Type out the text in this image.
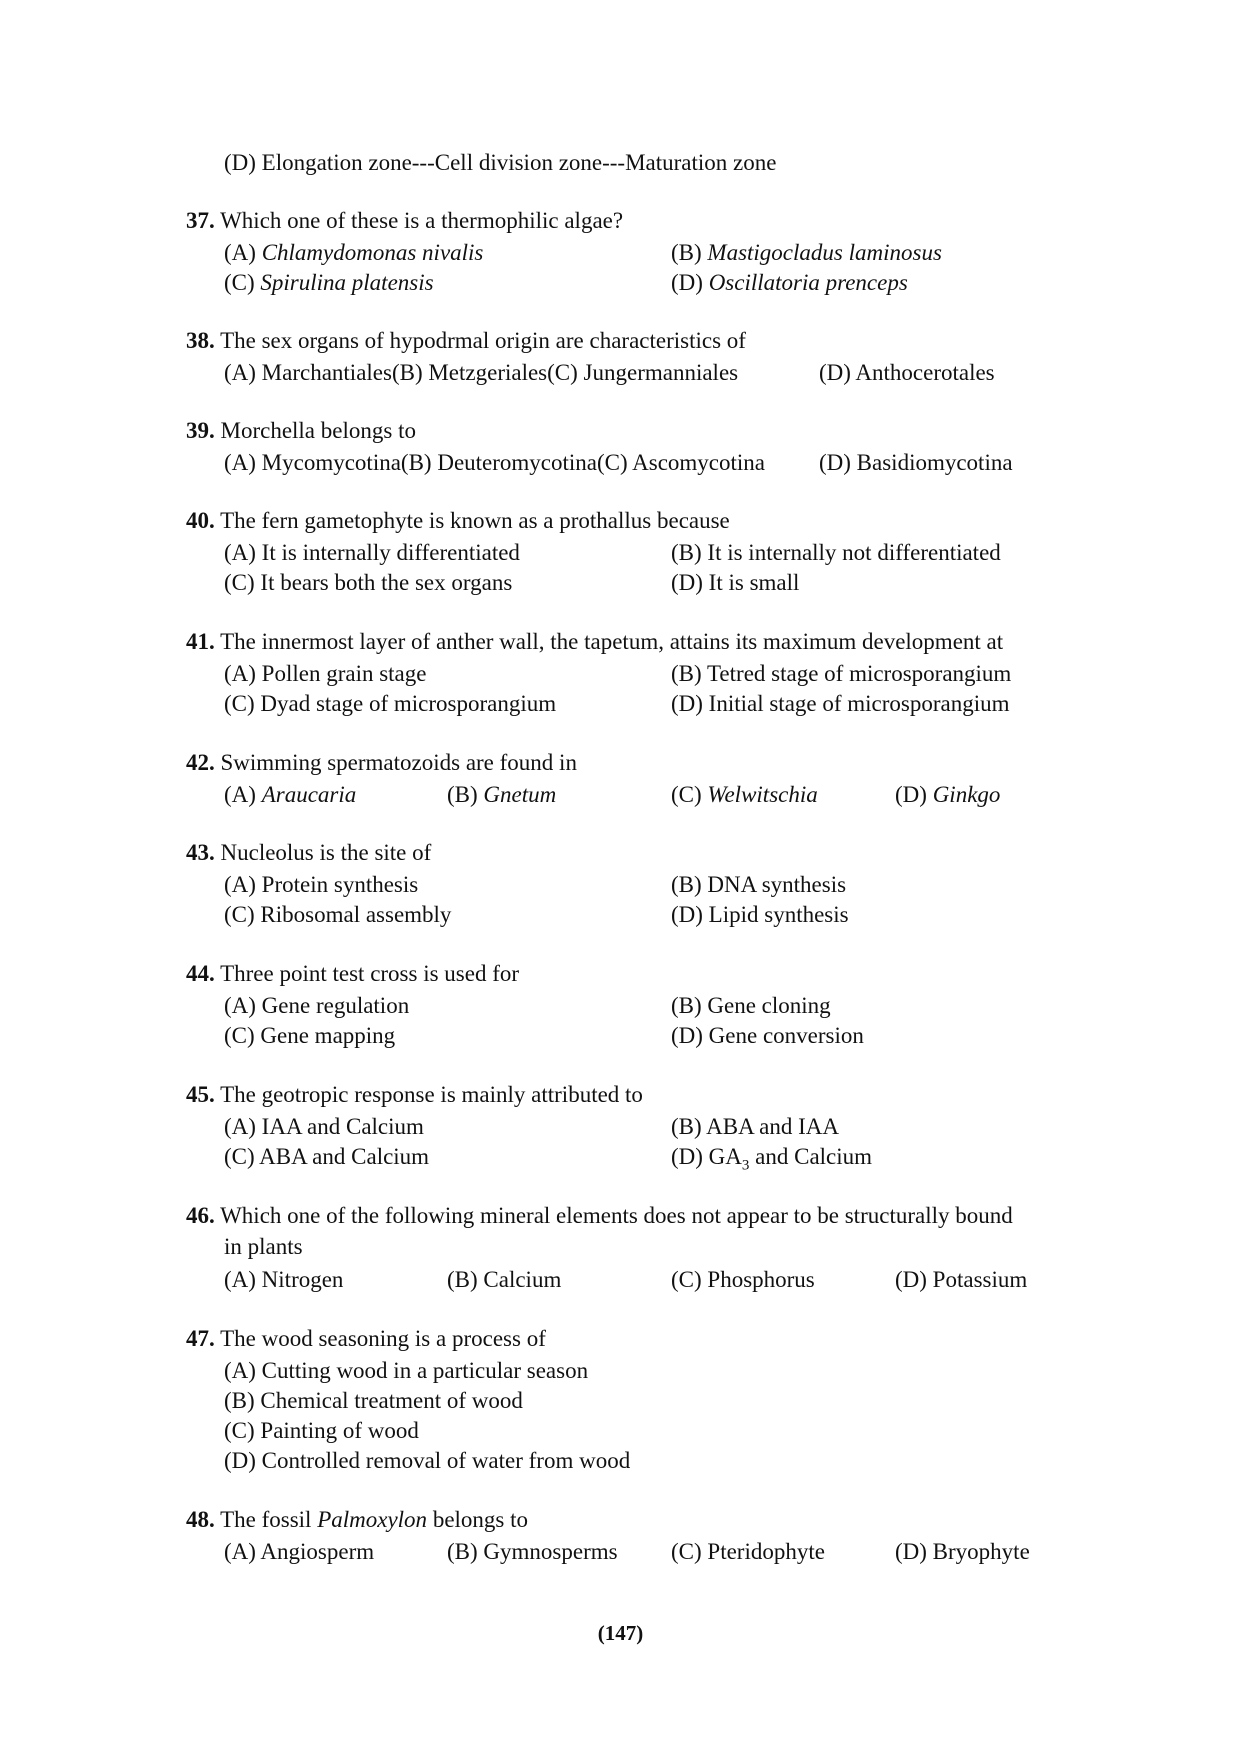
(D) Elongation zone---Cell division zone---Maturation zone
37. Which one of these is a thermophilic algae?
(A) Chlamydomonas nivalis	(B) Mastigocladus laminosus
(C) Spirulina platensis	(D) Oscillatoria prenceps
38. The sex organs of hypodrmal origin are characteristics of
(A) Marchantiales(B) Metzgeriales(C) Jungermanniales	(D) Anthocerotales
39. Morchella belongs to
(A) Mycomycotina(B) Deuteromycotina(C) Ascomycotina (D) Basidiomycotina
40. The fern gametophyte is known as a prothallus because
(A) It is internally differentiated	(B) It is internally not differentiated
(C) It bears both the sex organs	(D) It is small
41. The innermost layer of anther wall, the tapetum, attains its maximum development at
(A) Pollen grain stage	(B) Tetred stage of microsporangium
(C) Dyad stage of microsporangium	(D) Initial stage of microsporangium
42. Swimming spermatozoids are found in
(A) Araucaria	(B) Gnetum	(C) Welwitschia	(D) Ginkgo
43. Nucleolus is the site of
(A) Protein synthesis	(B) DNA synthesis
(C) Ribosomal assembly	(D) Lipid synthesis
44. Three point test cross is used for
(A) Gene regulation	(B) Gene cloning
(C) Gene mapping	(D) Gene conversion
45. The geotropic response is mainly attributed to
(A) IAA and Calcium	(B) ABA and IAA
(C) ABA and Calcium	(D) $GA_3$ and Calcium
46. Which one of the following mineral elements does not appear to be structurally bound
in plants
(A) Nitrogen	(B) Calcium	(C) Phosphorus	(D) Potassium
47. The wood seasoning is a process of
(A) Cutting wood in a particular season
(B) Chemical treatment of wood
(C) Painting of wood
(D) Controlled removal of water from wood
48. The fossil Palmoxylon belongs to
(A) Angiosperm	(B) Gymnosperms (C) Pteridophyte	(D) Bryophyte
(147)
